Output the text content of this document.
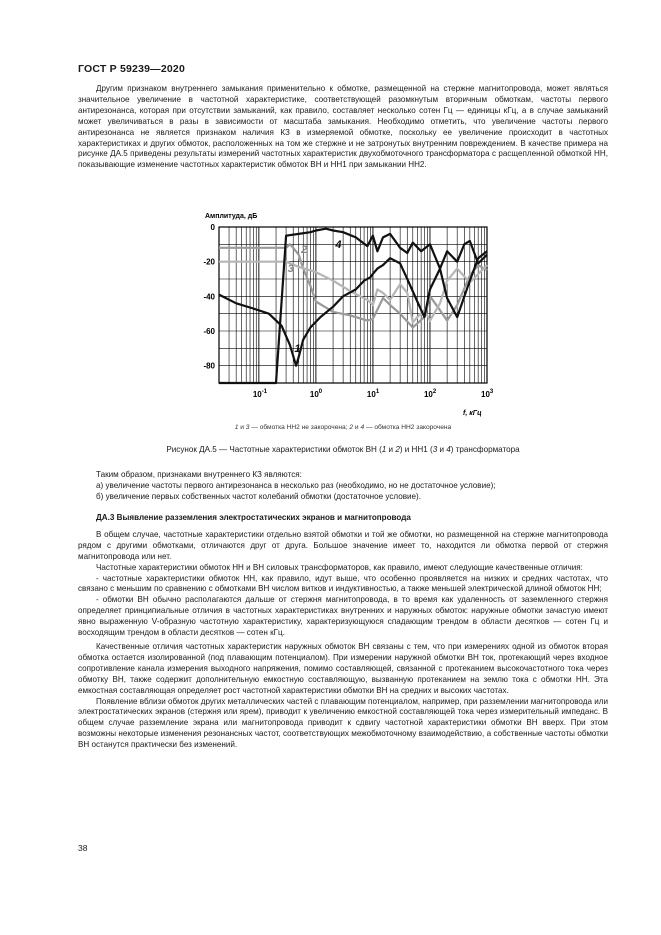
ГОСТ Р 59239—2020

Другим признаком внутреннего замыкания применительно к обмотке, размещенной на стержне магнитопровода, может являться значительное увеличение в частотной характеристике, соответствующей разомкнутым вторичным обмоткам, частоты первого антирезонанса, которая при отсутствии замыканий, как правило, составляет несколько сотен Гц — единицы кГц, а в случае замыканий может увеличиваться в разы в зависимости от масштаба замыкания. Необходимо отметить, что увеличение частоты первого антирезонанса не является признаком наличия КЗ в измеряемой обмотке, поскольку ее увеличение происходит в частотных характеристиках и других обмоток, расположенных на том же стержне и не затронутых внутренним повреждением. В качестве примера на рисунке ДА.5 приведены результаты измерений частотных характеристик двухобмоточного трансформатора с расщепленной обмоткой НН, показывающие изменение частотных характеристик обмоток ВН и НН1 при замыкании НН2.

Амплитуда, дБ
0
-20
-40
-60
-80
$10^{-1}$	$10^0$	$10^1$	$10^2$	$10^3$
f, кГц
1
2
3
4
1 и 3 — обмотка НН2 не закорочена; 2 и 4 — обмотка НН2 закорочена
Рисунок ДА.5 — Частотные характеристики обмоток ВН (1 и 2) и НН1 (3 и 4) трансформатора

Таким образом, признаками внутреннего КЗ являются:

а) увеличение частоты первого антирезонанса в несколько раз (необходимо, но не достаточное условие);

б) увеличение первых собственных частот колебаний обмотки (достаточное условие).

ДА.3 Выявление разземления электростатических экранов и магнитопровода

В общем случае, частотные характеристики отдельно взятой обмотки и той же обмотки, но размещенной на стержне магнитопровода рядом с другими обмотками, отличаются друг от друга. Большое значение имеет то, находится ли обмотка первой от стержня магнитопровода или нет.

Частотные характеристики обмоток НН и ВН силовых трансформаторов, как правило, имеют следующие качественные отличия:

- частотные характеристики обмоток НН, как правило, идут выше, что особенно проявляется на низких и средних частотах, что связано с меньшим по сравнению с обмотками ВН числом витков и индуктивностью, а также меньшей электрической длиной обмоток НН;

- обмотки ВН обычно располагаются дальше от стержня магнитопровода, в то время как удаленность от заземленного стержня определяет принципиальные отличия в частотных характеристиках внутренних и наружных обмоток: наружные обмотки зачастую имеют явно выраженную V-образную частотную характеристику, характеризующуюся спадающим трендом в области десятков — сотен Гц и восходящим трендом в области десятков — сотен кГц.

Качественные отличия частотных характеристик наружных обмоток ВН связаны с тем, что при измерениях одной из обмоток вторая обмотка остается изолированной (под плавающим потенциалом). При измерении наружной обмотки ВН ток, протекающий через входное сопротивление канала измерения выходного напряжения, помимо составляющей, связанной с протеканием высокочастотного тока через обмотку ВН, также содержит дополнительную емкостную составляющую, вызванную протеканием на землю тока с обмотки НН. Эта емкостная составляющая определяет рост частотной характеристики обмотки ВН на средних и высоких частотах.

Появление вблизи обмоток других металлических частей с плавающим потенциалом, например, при разземлении магнитопровода или электростатических экранов (стержня или ярем), приводит к увеличению емкостной составляющей тока через измерительный импеданс. В общем случае разземление экрана или магнитопровода приводит к сдвигу частотной характеристики обмотки ВН вверх. При этом возможны некоторые изменения резонансных частот, соответствующих межобмоточному взаимодействию, а собственные частоты обмотки ВН останутся практически без изменений.

38
